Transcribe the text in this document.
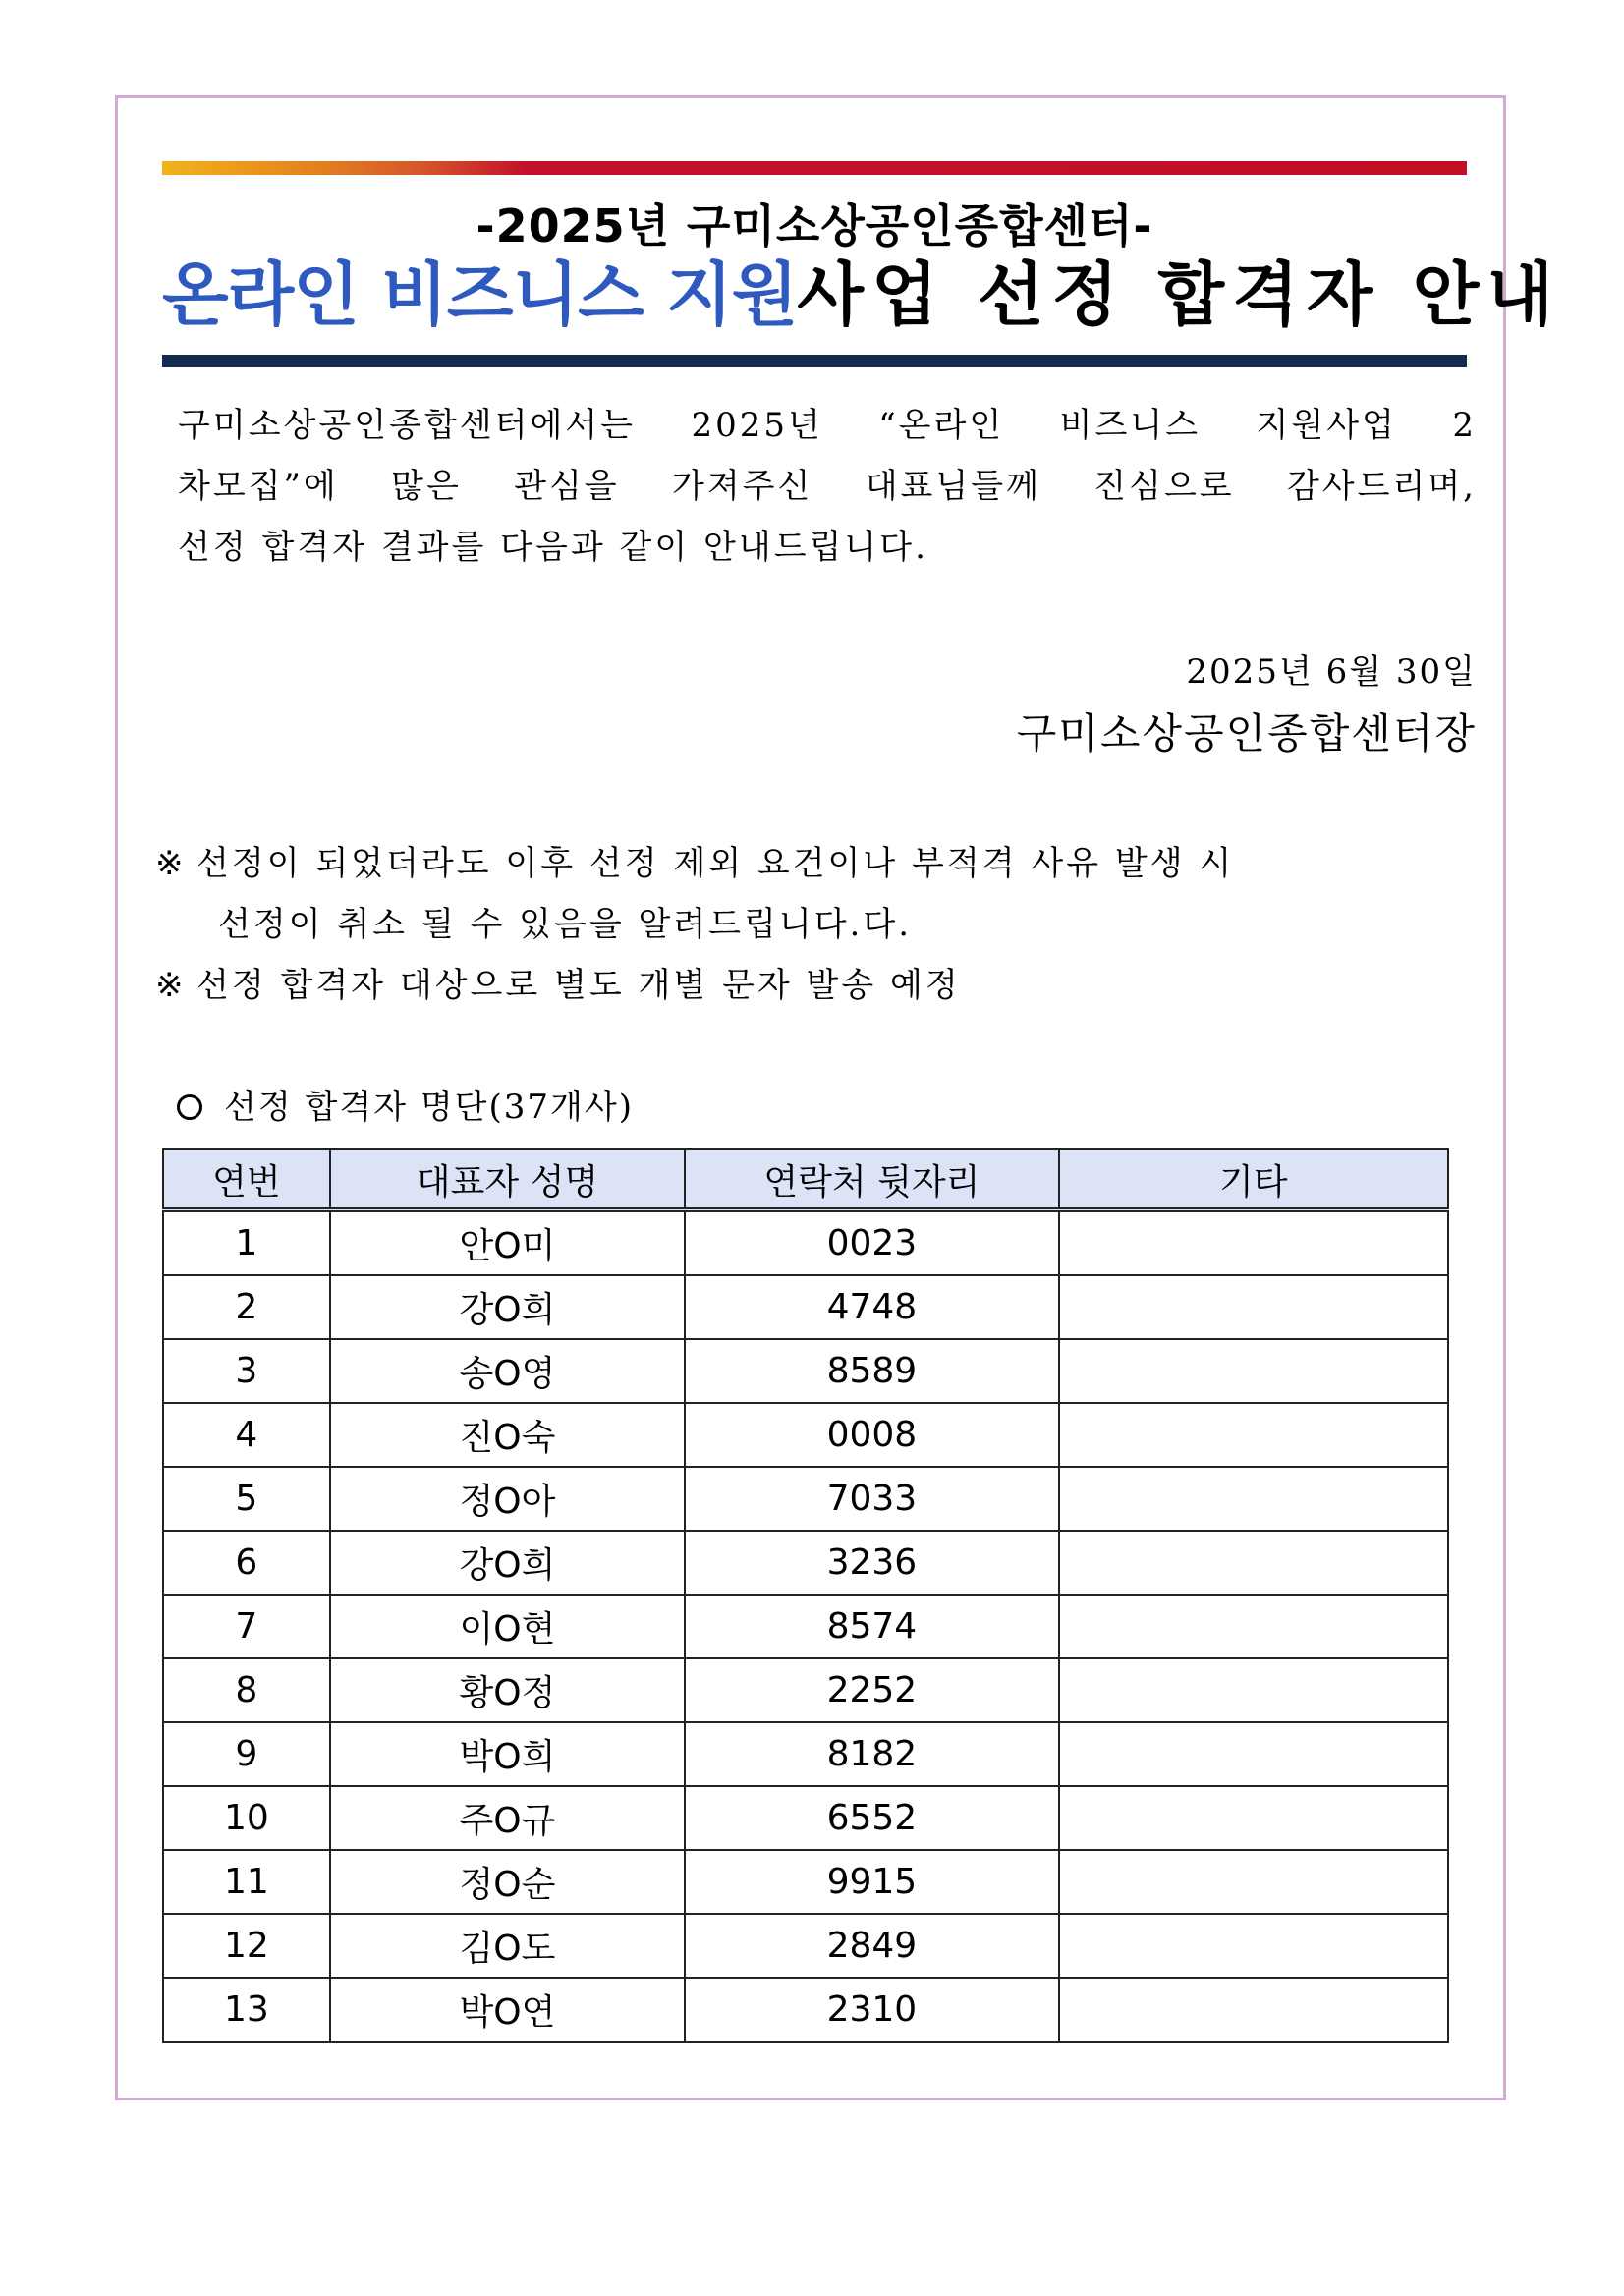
-2025년 구미소상공인종합센터-
온라인 비즈니스 지원사업 선정 합격자 안내
구미소상공인종합센터에서는 2025년 “온라인 비즈니스 지원사업 2
차모집”에 많은 관심을 가져주신 대표님들께 진심으로 감사드리며,
선정 합격자 결과를 다음과 같이 안내드립니다.
2025년 6월 30일
구미소상공인종합센터장
※ 선정이 되었더라도 이후 선정 제외 요건이나 부적격 사유 발생 시
선정이 취소 될 수 있음을 알려드립니다.다.
※ 선정 합격자 대상으로 별도 개별 문자 발송 예정
선정 합격자 명단(37개사)
연번	대표자 성명	연락처 뒷자리	기타
1	안O미	0023	
2	강O희	4748	
3	송O영	8589	
4	진O숙	0008	
5	정O아	7033	
6	강O희	3236	
7	이O현	8574	
8	황O정	2252	
9	박O희	8182	
10	주O규	6552	
11	정O순	9915	
12	김O도	2849	
13	박O연	2310	
